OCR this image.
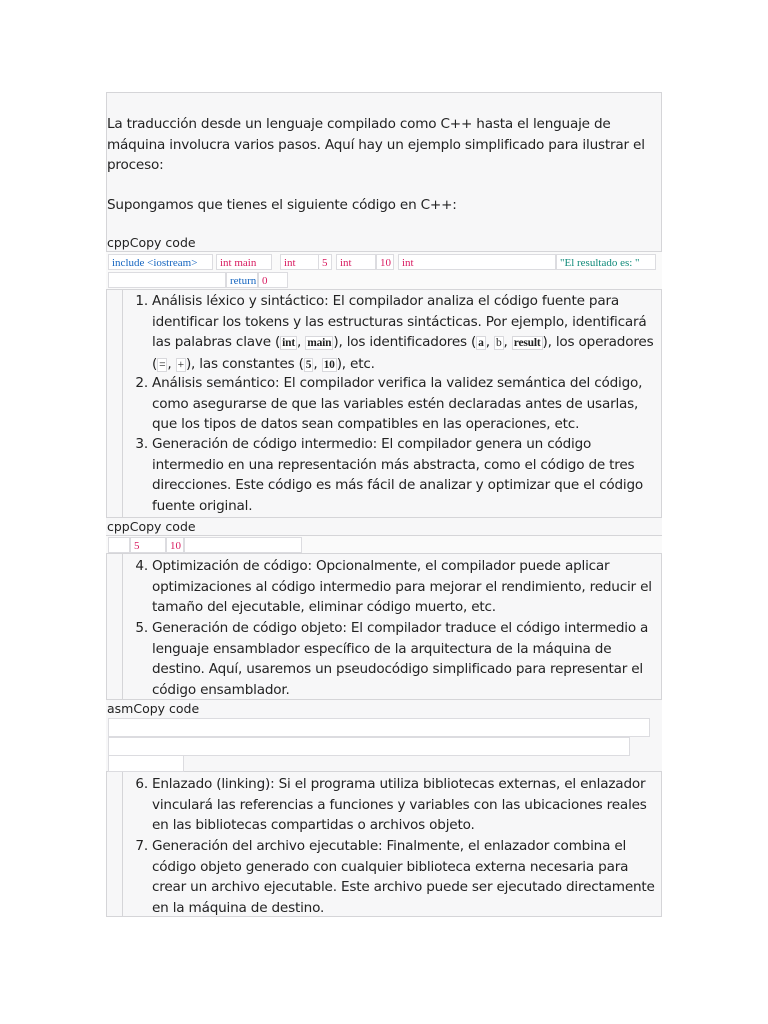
La traducción desde un lenguaje compilado como C++ hasta el lenguaje de máquina involucra varios pasos. Aquí hay un ejemplo simplificado para ilustrar el proceso:
Supongamos que tienes el siguiente código en C++:
cppCopy code
include <iostream>	int main	int	5	int	10	int	"El resultado es: "
return 0
1. Análisis léxico y sintáctico: El compilador analiza el código fuente para identificar los tokens y las estructuras sintácticas. Por ejemplo, identificará las palabras clave ( int , main ), los identificadores ( a , b , result ), los operadores ( = , + ), las constantes ( 5 , 10 ), etc.
2. Análisis semántico: El compilador verifica la validez semántica del código, como asegurarse de que las variables estén declaradas antes de usarlas, que los tipos de datos sean compatibles en las operaciones, etc.
3. Generación de código intermedio: El compilador genera un código intermedio en una representación más abstracta, como el código de tres direcciones. Este código es más fácil de analizar y optimizar que el código fuente original.
cppCopy code
5	10
4. Optimización de código: Opcionalmente, el compilador puede aplicar optimizaciones al código intermedio para mejorar el rendimiento, reducir el tamaño del ejecutable, eliminar código muerto, etc.
5. Generación de código objeto: El compilador traduce el código intermedio a lenguaje ensamblador específico de la arquitectura de la máquina de destino. Aquí, usaremos un pseudocódigo simplificado para representar el código ensamblador.
asmCopy code
6. Enlazado (linking): Si el programa utiliza bibliotecas externas, el enlazador vinculará las referencias a funciones y variables con las ubicaciones reales en las bibliotecas compartidas o archivos objeto.
7. Generación del archivo ejecutable: Finalmente, el enlazador combina el código objeto generado con cualquier biblioteca externa necesaria para crear un archivo ejecutable. Este archivo puede ser ejecutado directamente en la máquina de destino.
